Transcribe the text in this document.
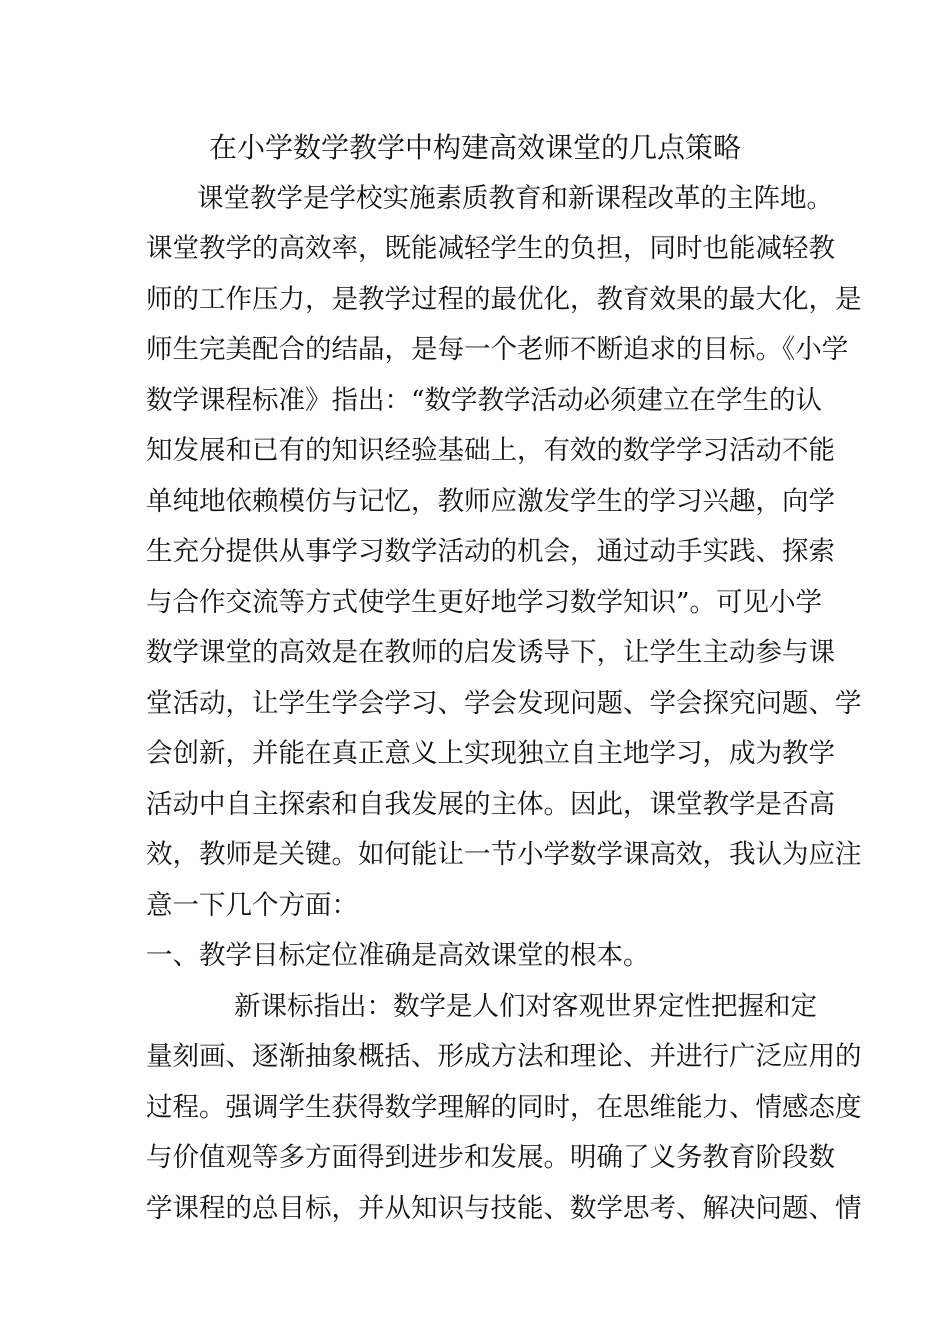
在小学数学教学中构建高效课堂的几点策略
课堂教学是学校实施素质教育和新课程改革的主阵地。
课堂教学的高效率，既能减轻学生的负担，同时也能减轻教
师的工作压力，是教学过程的最优化，教育效果的最大化，是
师生完美配合的结晶，是每一个老师不断追求的目标。《小学
数学课程标准》指出：“数学教学活动必须建立在学生的认
知发展和已有的知识经验基础上，有效的数学学习活动不能
单纯地依赖模仿与记忆，教师应激发学生的学习兴趣，向学
生充分提供从事学习数学活动的机会，通过动手实践、探索
与合作交流等方式使学生更好地学习数学知识”。可见小学
数学课堂的高效是在教师的启发诱导下，让学生主动参与课
堂活动，让学生学会学习、学会发现问题、学会探究问题、学
会创新，并能在真正意义上实现独立自主地学习，成为教学
活动中自主探索和自我发展的主体。因此，课堂教学是否高
效，教师是关键。如何能让一节小学数学课高效，我认为应注
意一下几个方面：
一、教学目标定位准确是高效课堂的根本。
新课标指出：数学是人们对客观世界定性把握和定
量刻画、逐渐抽象概括、形成方法和理论、并进行广泛应用的
过程。强调学生获得数学理解的同时，在思维能力、情感态度
与价值观等多方面得到进步和发展。明确了义务教育阶段数
学课程的总目标，并从知识与技能、数学思考、解决问题、情
